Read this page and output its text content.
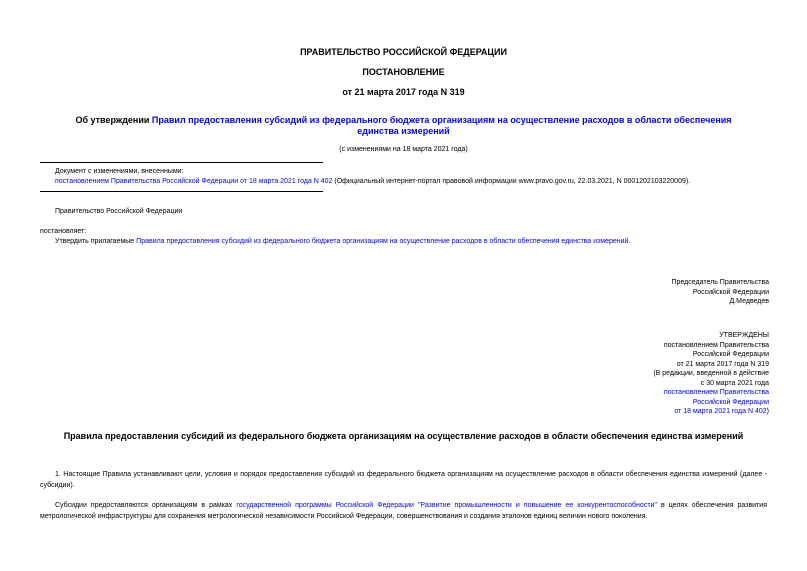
ПРАВИТЕЛЬСТВО РОССИЙСКОЙ ФЕДЕРАЦИИ
ПОСТАНОВЛЕНИЕ
от 21 марта 2017 года N 319
Об утверждении Правил предоставления субсидий из федерального бюджета организациям на осуществление расходов в области обеспечения единства измерений
(с изменениями на 18 марта 2021 года)
Документ с изменениями, внесенными:
постановлением Правительства Российской Федерации от 18 марта 2021 года N 402 (Официальный интернет-портал правовой информации www.pravo.gov.ru, 22.03.2021, N 0001202103220009).
Правительство Российской Федерации
постановляет:
Утвердить прилагаемые Правила предоставления субсидий из федерального бюджета организациям на осуществление расходов в области обеспечения единства измерений.
Председатель Правительства
Российской Федерации
Д.Медведев
УТВЕРЖДЕНЫ
постановлением Правительства
Российской Федерации
от 21 марта 2017 года N 319
(В редакции, введенной в действие
с 30 марта 2021 года
постановлением Правительства
Российской Федерации
от 18 марта 2021 года N 402)
Правила предоставления субсидий из федерального бюджета организациям на осуществление расходов в области обеспечения единства измерений
1. Настоящие Правила устанавливают цели, условия и порядок предоставления субсидий из федерального бюджета организациям на осуществление расходов в области обеспечения единства измерений (далее - субсидии).
Субсидии предоставляются организациям в рамках государственной программы Российской Федерации "Развитие промышленности и повышение ее конкурентоспособности" в целях обеспечения развития метрологической инфраструктуры для сохранения метрологической независимости Российской Федерации, совершенствования и создания эталонов единиц величин нового поколения.
